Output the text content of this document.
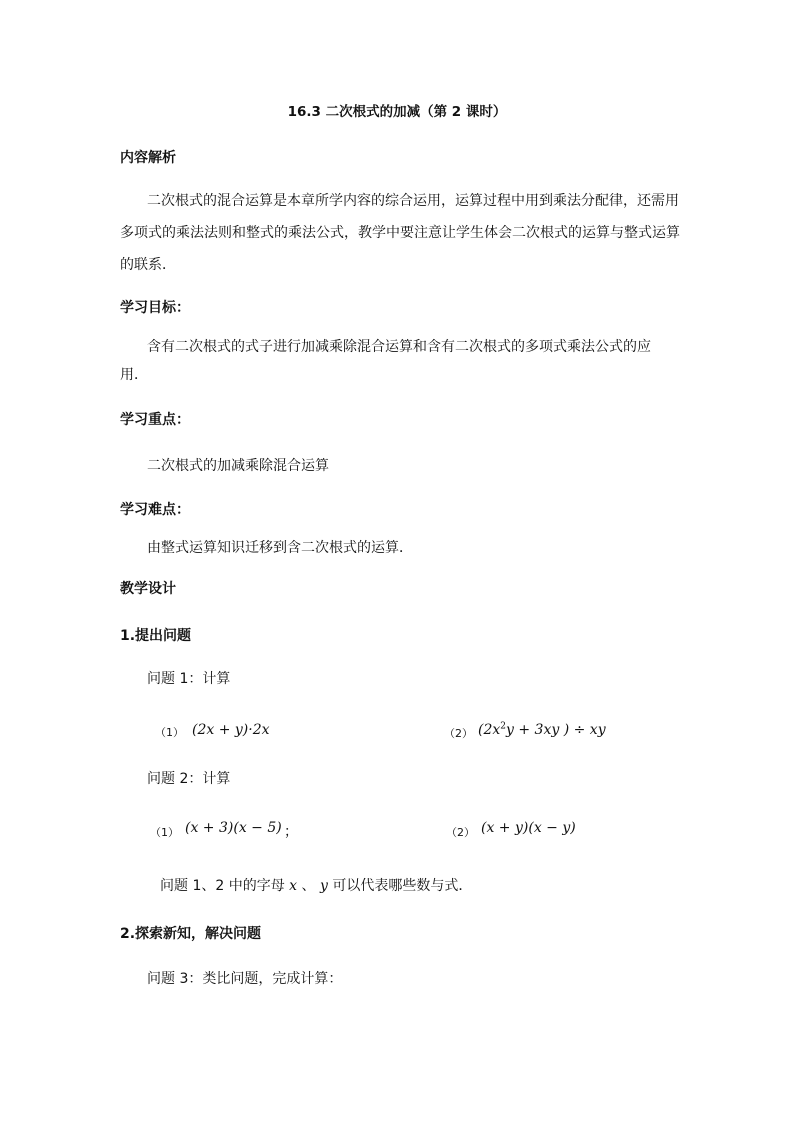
16.3 二次根式的加减（第 2 课时）
内容解析
二次根式的混合运算是本章所学内容的综合运用，运算过程中用到乘法分配律，还需用
多项式的乘法法则和整式的乘法公式，教学中要注意让学生体会二次根式的运算与整式运算
的联系．
学习目标：
含有二次根式的式子进行加减乘除混合运算和含有二次根式的多项式乘法公式的应
用．
学习重点：
二次根式的加减乘除混合运算
学习难点：
由整式运算知识迁移到含二次根式的运算．
教学设计
1.提出问题
问题 1：计算
（1） (2x + y)·2x	（2） ($2x^2y + 3xy$ ) ÷ xy
问题 2：计算
（1） (x + 3)(x − 5) ；	（2） (x + y)(x − y)
问题 1、2 中的字母 x 、 y 可以代表哪些数与式．
2.探索新知，解决问题
问题 3：类比问题，完成计算：
